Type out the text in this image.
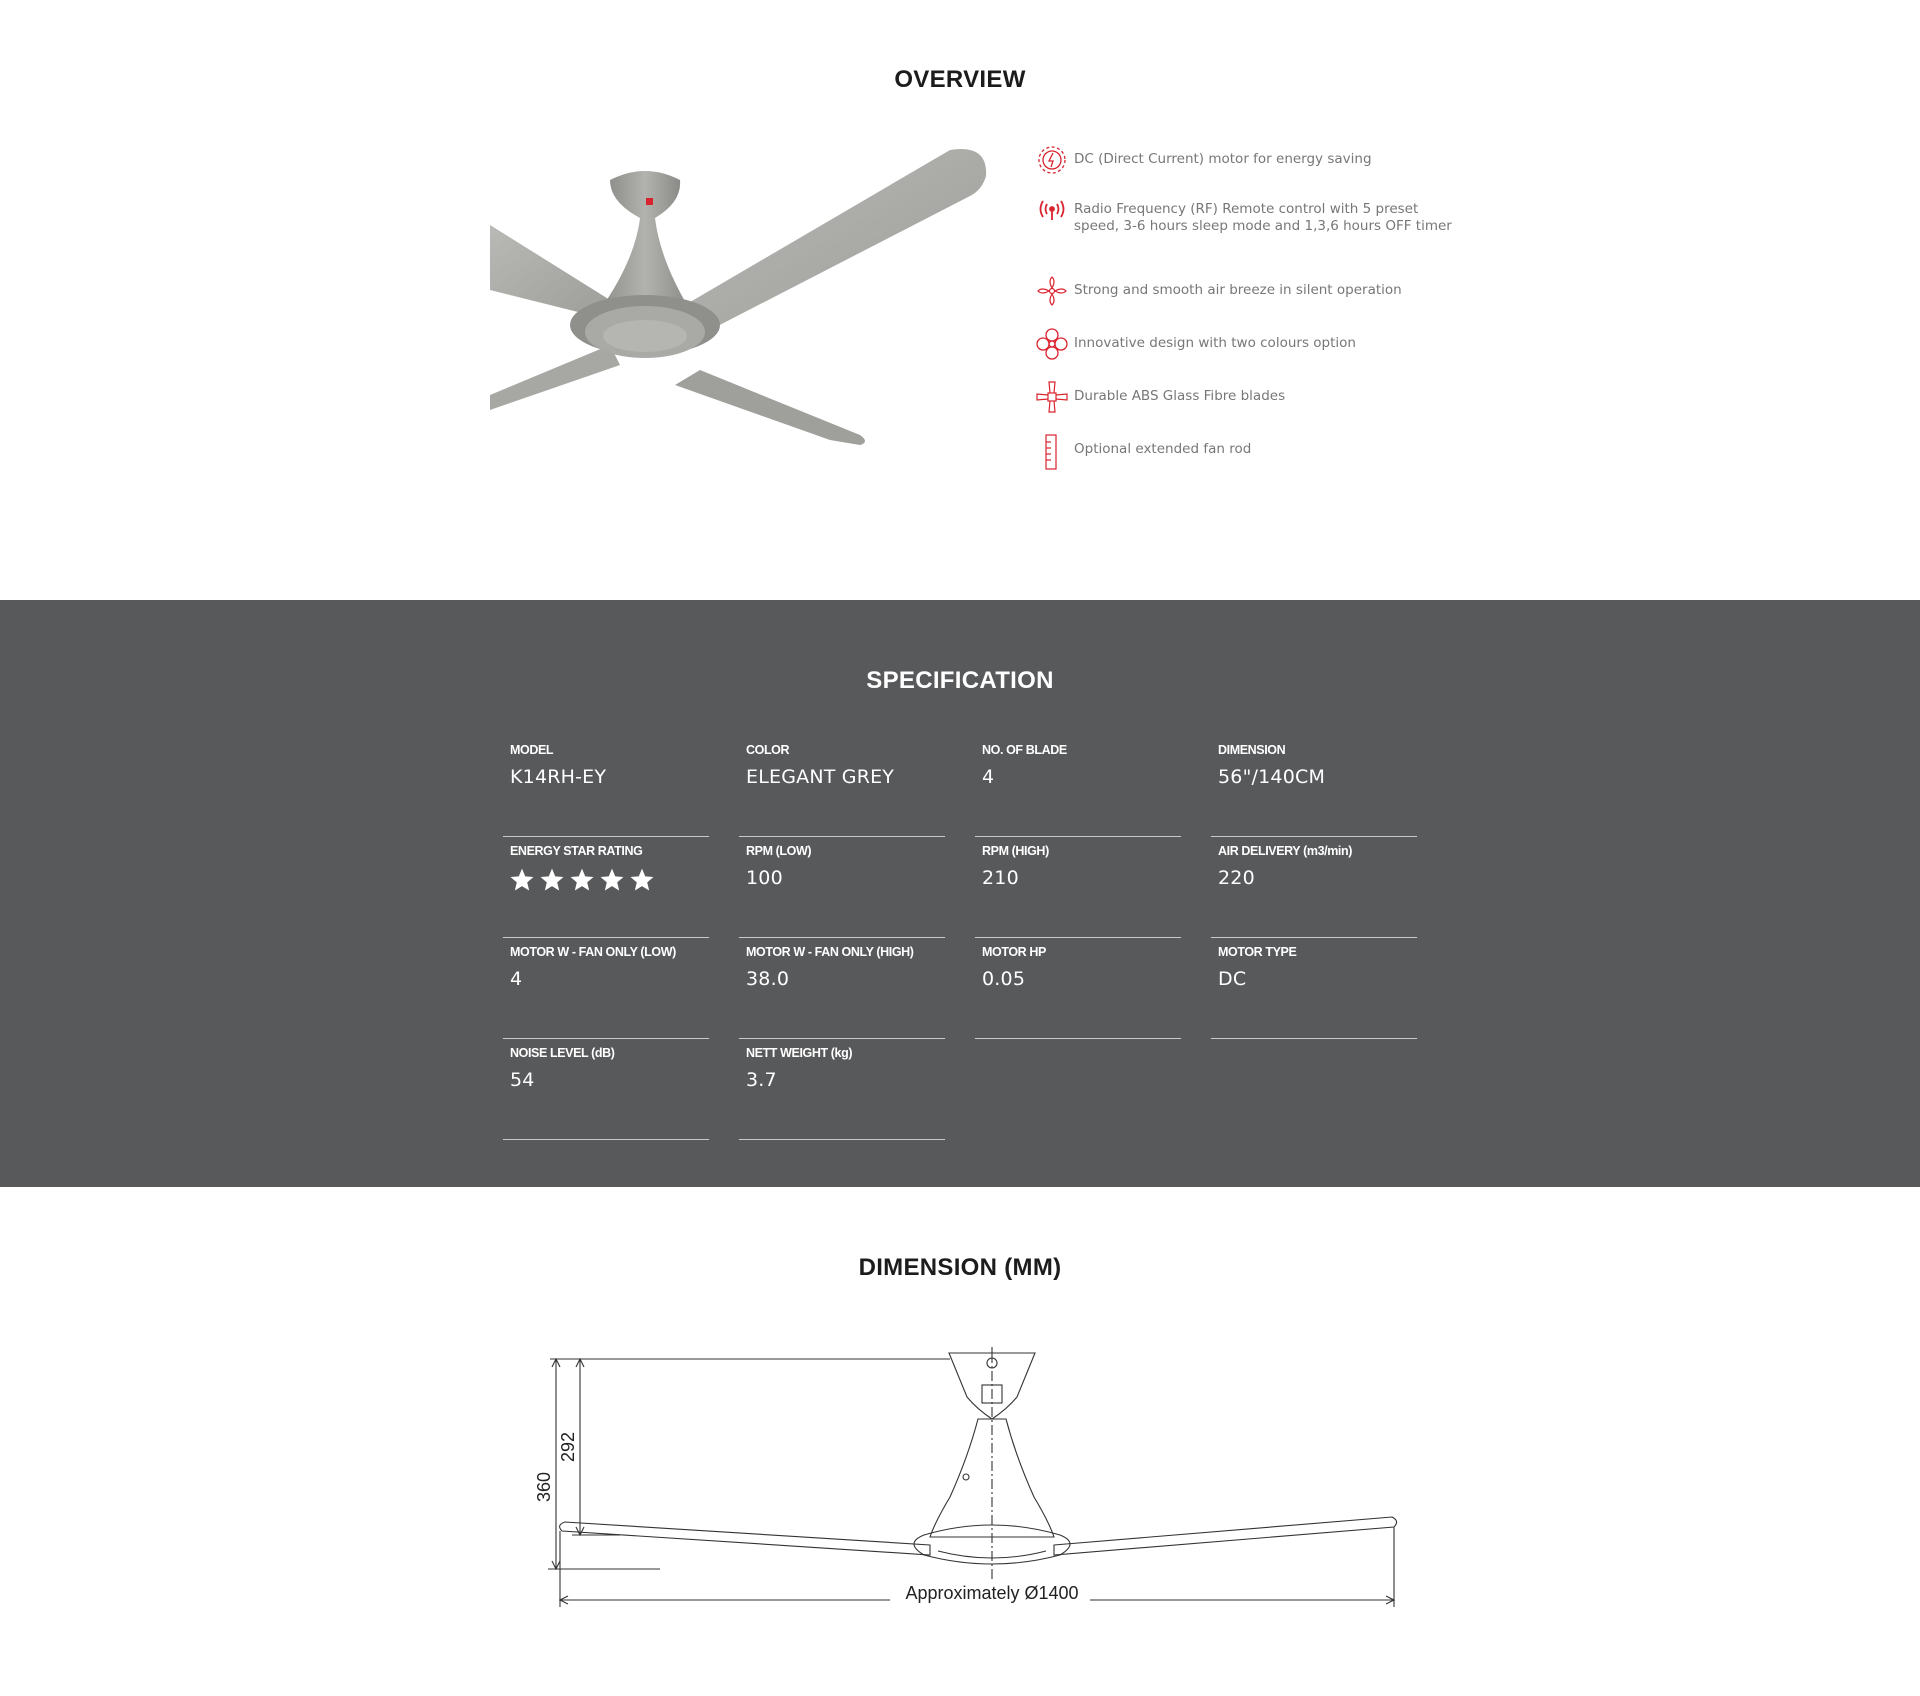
OVERVIEW
DC (Direct Current) motor for energy saving
Radio Frequency (RF) Remote control with 5 preset speed, 3-6 hours sleep mode and 1,3,6 hours OFF timer
Strong and smooth air breeze in silent operation
Innovative design with two colours option
Durable ABS Glass Fibre blades
Optional extended fan rod
SPECIFICATION
MODEL
K14RH-EY
COLOR
ELEGANT GREY
NO. OF BLADE
4
DIMENSION
56"/140CM
ENERGY STAR RATING	RPM (LOW)
100
RPM (HIGH)
210
AIR DELIVERY (m3/min)
220
MOTOR W - FAN ONLY (LOW)
4
MOTOR W - FAN ONLY (HIGH)
38.0
MOTOR HP
0.05
MOTOR TYPE
DC
NOISE LEVEL (dB)
54
NETT WEIGHT (kg)
3.7
DIMENSION (MM)
360
292
Approximately Ø1400
